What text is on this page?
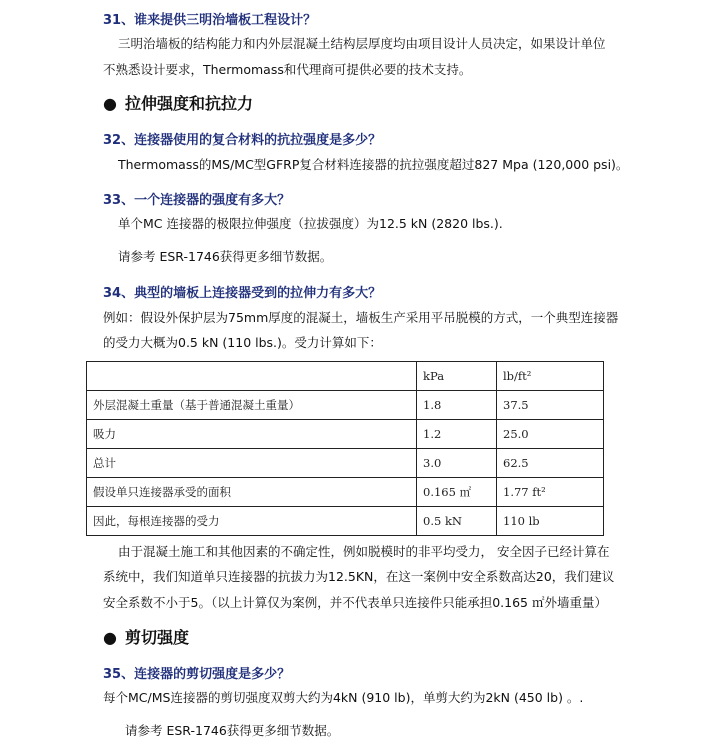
31、谁来提供三明治墙板工程设计？
三明治墙板的结构能力和内外层混凝土结构层厚度均由项目设计人员决定，如果设计单位
不熟悉设计要求，Thermomass和代理商可提供必要的技术支持。
● 拉伸强度和抗拉力
32、连接器使用的复合材料的抗拉强度是多少？
Thermomass的MS/MC型GFRP复合材料连接器的抗拉强度超过827 Mpa (120,000 psi)。
33、一个连接器的强度有多大？
单个MC 连接器的极限拉伸强度（拉拔强度）为12.5 kN (2820 lbs.).
请参考 ESR-1746获得更多细节数据。
34、典型的墙板上连接器受到的拉伸力有多大？
例如：假设外保护层为75mm厚度的混凝土，墙板生产采用平吊脱模的方式，一个典型连接器
的受力大概为0.5 kN (110 lbs.)。受力计算如下：
	kPa	lb/ft²
外层混凝土重量（基于普通混凝土重量）	1.8	37.5
吸力	1.2	25.0
总计	3.0	62.5
假设单只连接器承受的面积	0.165 ㎡	1.77 ft²
因此，每根连接器的受力	0.5 kN	110 lb
由于混凝土施工和其他因素的不确定性，例如脱模时的非平均受力， 安全因子已经计算在
系统中，我们知道单只连接器的抗拔力为12.5KN，在这一案例中安全系数高达20，我们建议
安全系数不小于5。（以上计算仅为案例，并不代表单只连接件只能承担0.165 ㎡外墙重量）
● 剪切强度
35、连接器的剪切强度是多少？
每个MC/MS连接器的剪切强度双剪大约为4kN (910 lb)，单剪大约为2kN (450 lb) 。.
请参考 ESR-1746获得更多细节数据。
